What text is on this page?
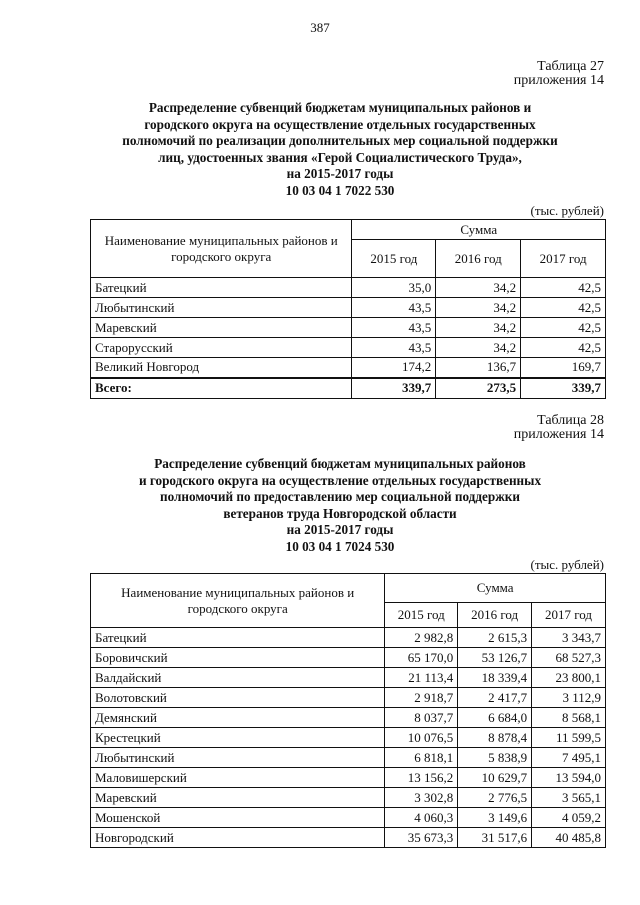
387
Таблица 27
приложения 14
Распределение субвенций бюджетам муниципальных районов и
городского округа на осуществление отдельных государственных
полномочий по реализации дополнительных мер социальной поддержки
лиц, удостоенных звания «Герой Социалистического Труда»,
на 2015-2017 годы
10 03 04 1 7022 530
(тыс. рублей)
Наименование муниципальных районов и городского округа	Сумма		
	2015 год	2016 год	2017 год
Батецкий	35,0	34,2	42,5
Любытинский	43,5	34,2	42,5
Маревский	43,5	34,2	42,5
Старорусский	43,5	34,2	42,5
Великий Новгород	174,2	136,7	169,7
Всего:	339,7	273,5	339,7
Таблица 28
приложения 14
Распределение субвенций бюджетам муниципальных районов
и городского округа на осуществление отдельных государственных
полномочий по предоставлению мер социальной поддержки
ветеранов труда Новгородской области
на 2015-2017 годы
10 03 04 1 7024 530
(тыс. рублей)
Наименование муниципальных районов и городского округа	Сумма		
	2015 год	2016 год	2017 год
Батецкий	2 982,8	2 615,3	3 343,7
Боровичский	65 170,0	53 126,7	68 527,3
Валдайский	21 113,4	18 339,4	23 800,1
Волотовский	2 918,7	2 417,7	3 112,9
Демянский	8 037,7	6 684,0	8 568,1
Крестецкий	10 076,5	8 878,4	11 599,5
Любытинский	6 818,1	5 838,9	7 495,1
Маловишерский	13 156,2	10 629,7	13 594,0
Маревский	3 302,8	2 776,5	3 565,1
Мошенской	4 060,3	3 149,6	4 059,2
Новгородский	35 673,3	31 517,6	40 485,8
